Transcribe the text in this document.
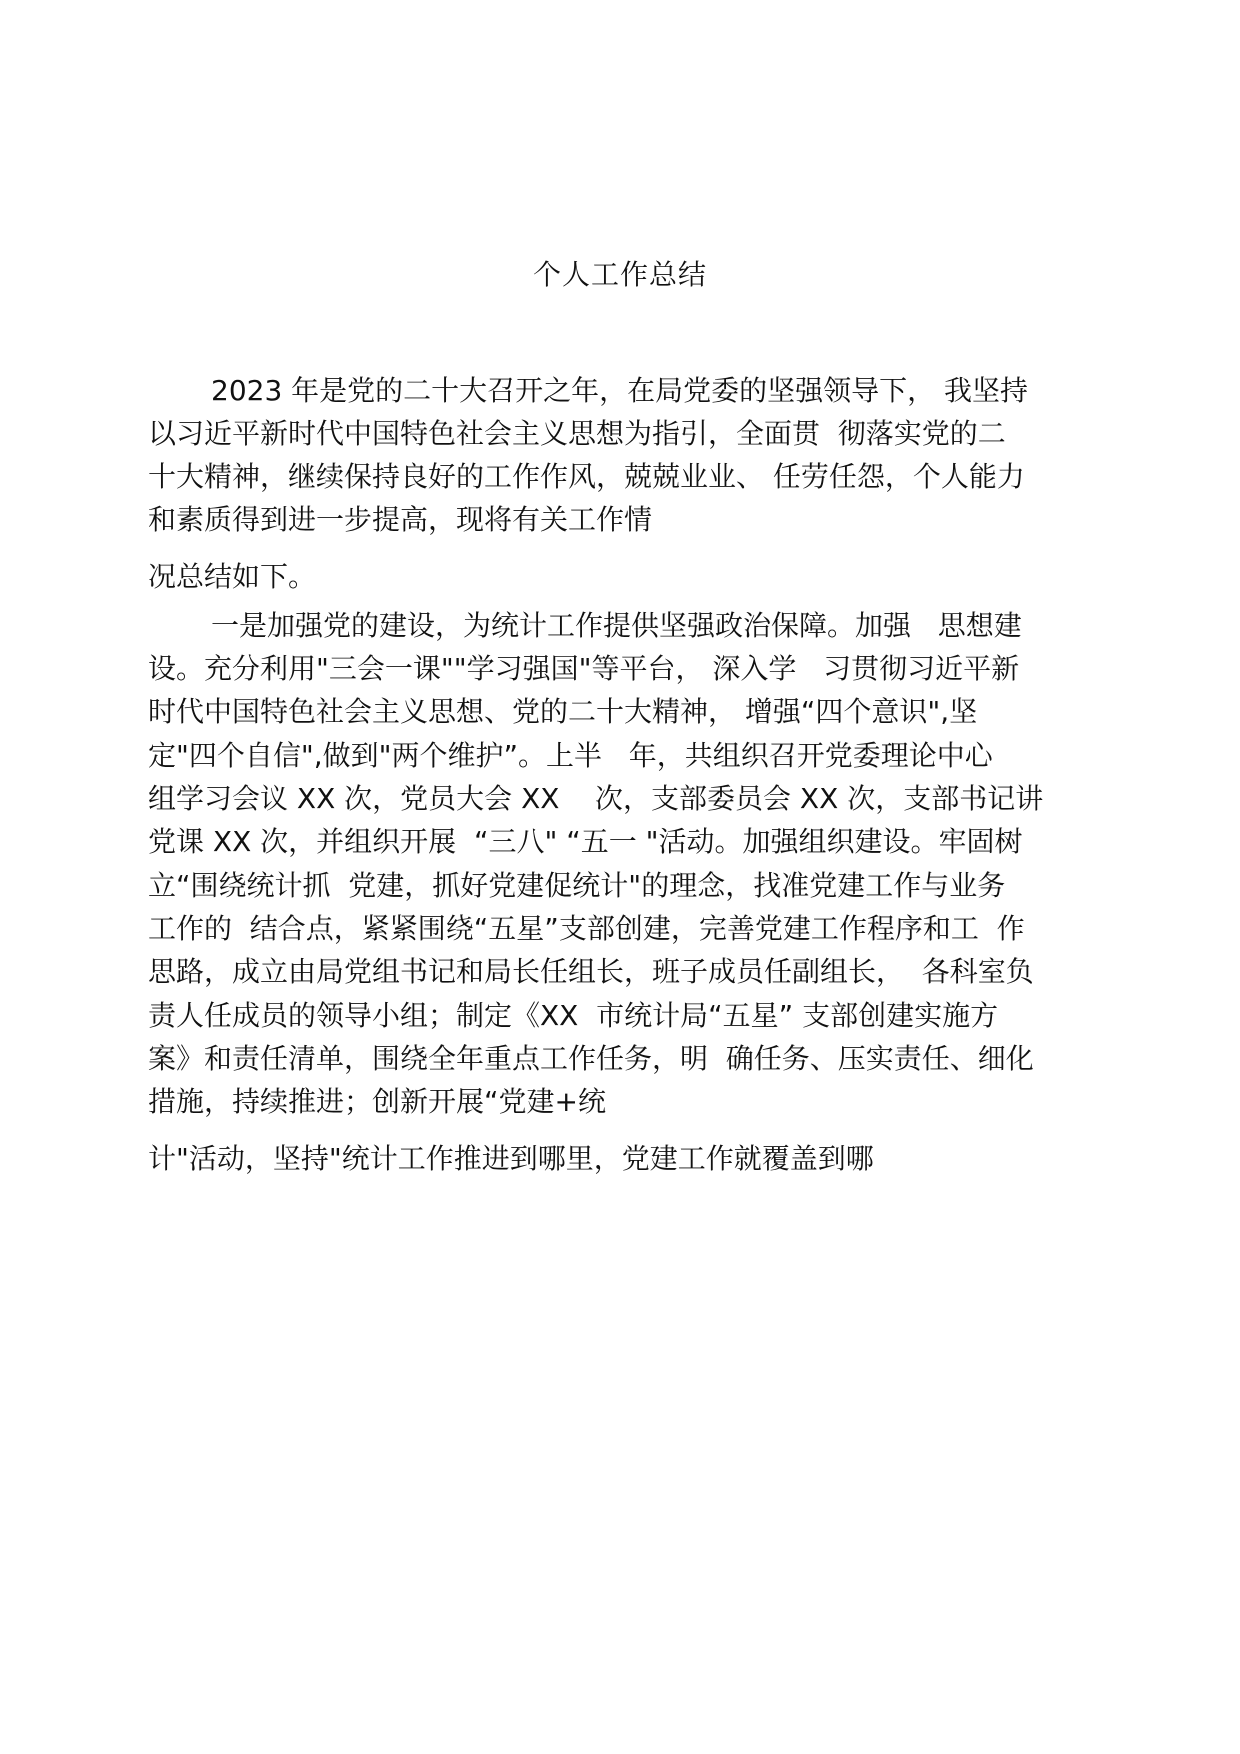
个人工作总结

2023 年是党的二十大召开之年，在局党委的坚强领导下， 我坚持

以习近平新时代中国特色社会主义思想为指引，全面贯  彻落实党的二

十大精神，继续保持良好的工作作风，兢兢业业、 任劳任怨，个人能力

和素质得到进一步提高，现将有关工作情

况总结如下。

一是加强党的建设，为统计工作提供坚强政治保障。加强   思想建

设。充分利用"三会一课""学习强国"等平台， 深入学   习贯彻习近平新

时代中国特色社会主义思想、党的二十大精神， 增强“四个意识",坚

定"四个自信",做到"两个维护”。上半   年，共组织召开党委理论中心

组学习会议 XX 次，党员大会 XX    次，支部委员会 XX 次，支部书记讲

党课 XX 次，并组织开展  “三八" “五一 "活动。加强组织建设。牢固树

立“围绕统计抓  党建，抓好党建促统计"的理念，找准党建工作与业务

工作的  结合点，紧紧围绕“五星”支部创建，完善党建工作程序和工  作

思路，成立由局党组书记和局长任组长，班子成员任副组长，  各科室负

责人任成员的领导小组；制定《XX  市统计局“五星” 支部创建实施方

案》和责任清单，围绕全年重点工作任务，明  确任务、压实责任、细化

措施，持续推进；创新开展“党建+统

计"活动，坚持"统计工作推进到哪里，党建工作就覆盖到哪
